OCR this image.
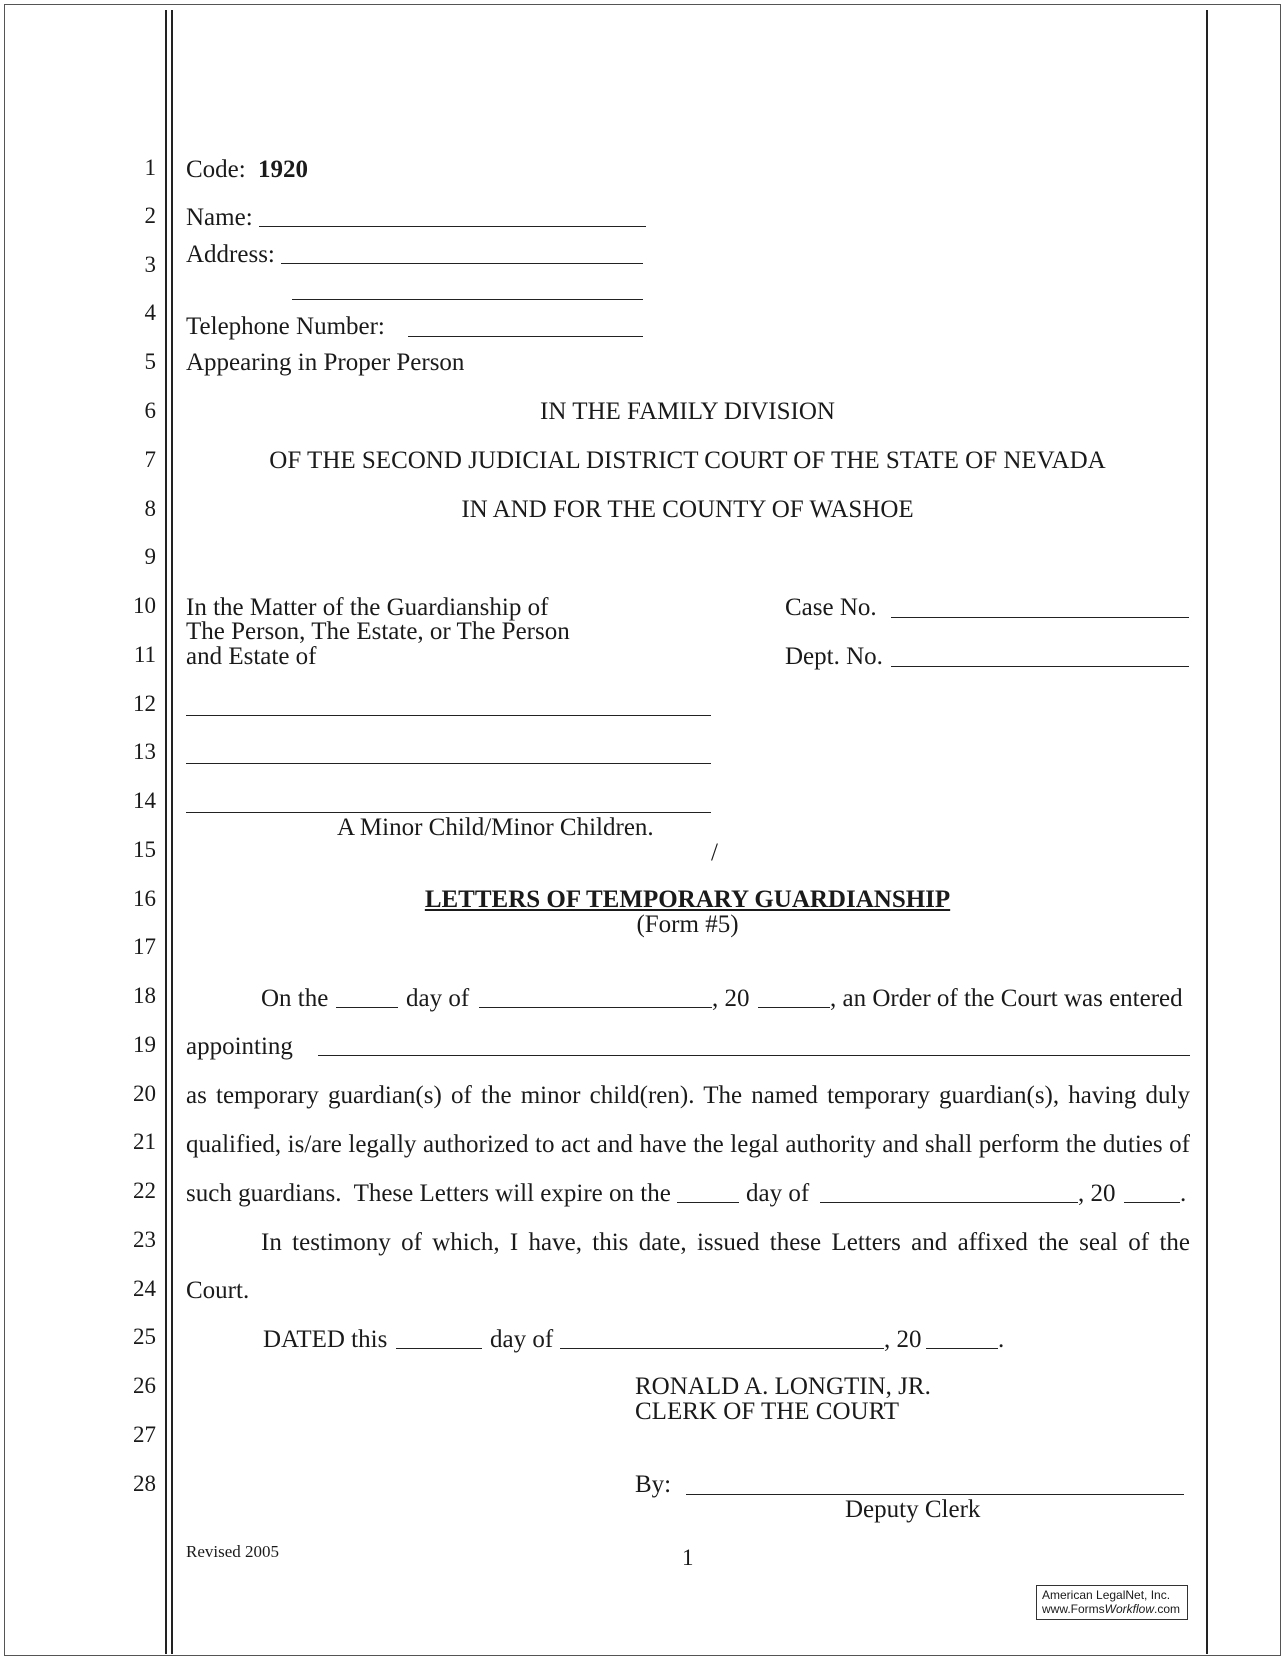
1
2
3
4
5
6
7
8
9
10
11
12
13
14
15
16
17
18
19
20
21
22
23
24
25
26
27
28
Code: 1920
Name:
Address:
Telephone Number:
Appearing in Proper Person
IN THE FAMILY DIVISION
OF THE SECOND JUDICIAL DISTRICT COURT OF THE STATE OF NEVADA
IN AND FOR THE COUNTY OF WASHOE
In the Matter of the Guardianship of
The Person, The Estate, or The Person
and Estate of
Case No.
Dept. No.
A Minor Child/Minor Children.
/
LETTERS OF TEMPORARY GUARDIANSHIP
(Form #5)
On the	day of	, 20	, an Order of the Court was entered
appointing
as temporary guardian(s) of the minor child(ren). The named temporary guardian(s), having duly
qualified, is/are legally authorized to act and have the legal authority and shall perform the duties of
such guardians.  These Letters will expire on the	day of	, 20	.
In testimony of which, I have, this date, issued these Letters and affixed the seal of the
Court.
DATED this	day of	, 20	.
RONALD A. LONGTIN, JR.
CLERK OF THE COURT
By:
Deputy Clerk
Revised 2005	1
American LegalNet, Inc.
www.FormsWorkflow.com
